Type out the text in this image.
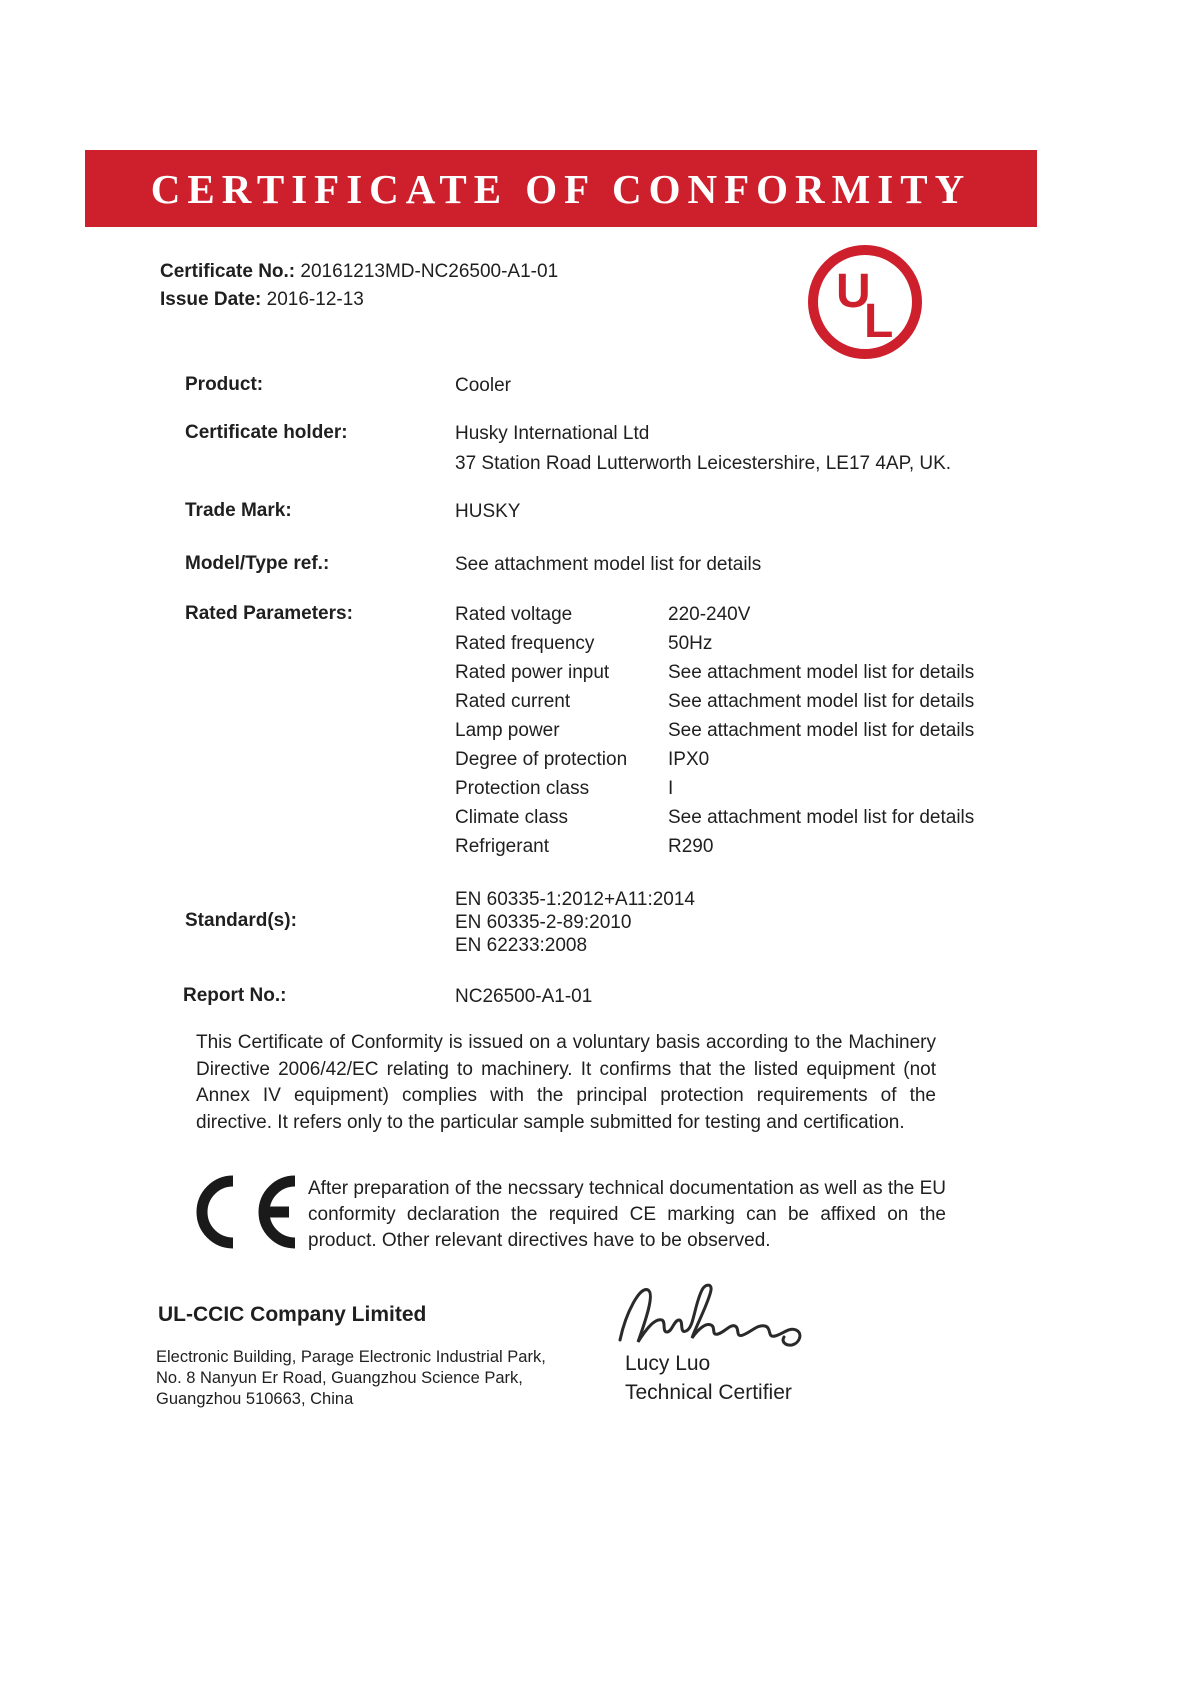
CERTIFICATE OF CONFORMITY
Certificate No.: 20161213MD-NC26500-A1-01
Issue Date: 2016-12-13	U
L
Product:	Cooler
Certificate holder:	Husky International Ltd
37 Station Road Lutterworth Leicestershire, LE17 4AP, UK.
Trade Mark:	HUSKY
Model/Type ref.:	See attachment model list for details
Rated Parameters:	Rated voltage	220-240V
Rated frequency	50Hz
Rated power input	See attachment model list for details
Rated current	See attachment model list for details
Lamp power	See attachment model list for details
Degree of protection IPX0
Protection class	I
Climate class	See attachment model list for details
Refrigerant	R290
Standard(s):
EN 60335-1:2012+A11:2014
EN 60335-2-89:2010
EN 62233:2008
Report No.:	NC26500-A1-01
This Certificate of Conformity is issued on a voluntary basis according to the Machinery Directive 2006/42/EC relating to machinery. It confirms that the listed equipment (not Annex IV equipment) complies with the principal protection requirements of the directive. It refers only to the particular sample submitted for testing and certification.
After preparation of the necssary technical documentation as well as the EU conformity declaration the required CE marking can be affixed on the product. Other relevant directives have to be observed.
UL-CCIC Company Limited
Electronic Building, Parage Electronic Industrial Park,
No. 8 Nanyun Er Road, Guangzhou Science Park,
Guangzhou 510663, China
Lucy Luo
Technical Certifier
